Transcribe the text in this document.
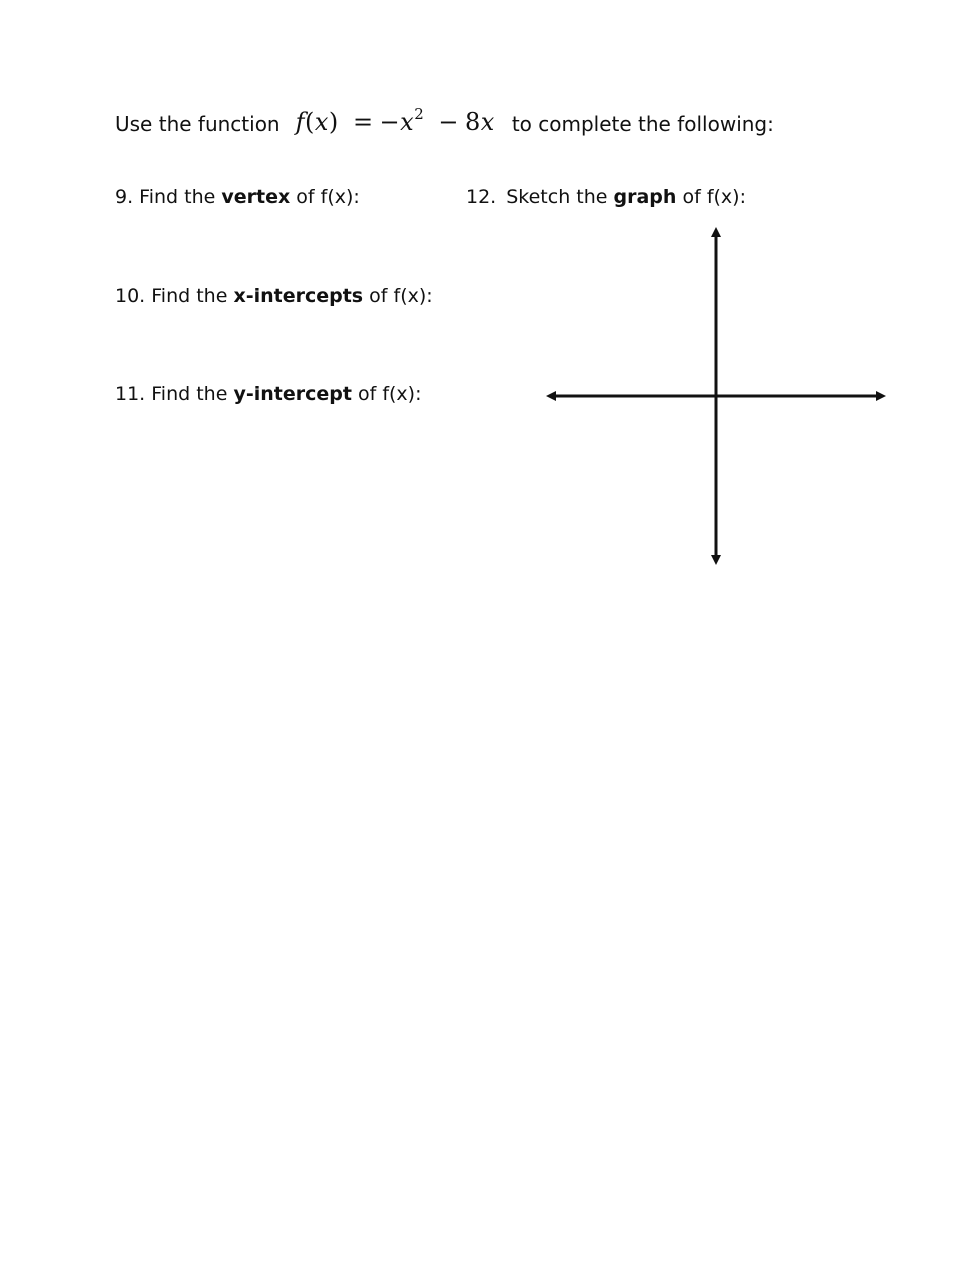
Use the function $f(x) = -x^2 - 8x$ to complete the following:
9. Find the vertex of f(x):
10. Find the x-intercepts of f(x):
11. Find the y-intercept of f(x):
12. Sketch the graph of f(x):
